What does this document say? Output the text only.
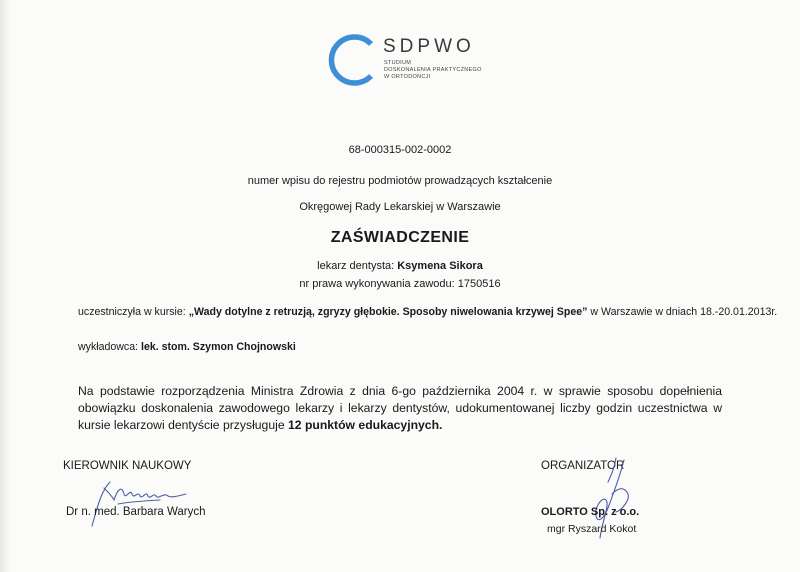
SDPWO
STUDIUM
DOSKONALENIA PRAKTYCZNEGO
W ORTODONCJI
68-000315-002-0002
numer wpisu do rejestru podmiotów prowadzących kształcenie
Okręgowej Rady Lekarskiej w Warszawie
ZAŚWIADCZENIE
lekarz dentysta: Ksymena Sikora
nr prawa wykonywania zawodu: 1750516
uczestniczyła w kursie: „Wady dotylne z retruzją, zgryzy głębokie. Sposoby niwelowania krzywej Spee” w Warszawie w dniach 18.-20.01.2013r.
wykładowca: lek. stom. Szymon Chojnowski
Na podstawie rozporządzenia Ministra Zdrowia z dnia 6-go października 2004 r. w sprawie sposobu dopełnienia obowiązku doskonalenia zawodowego lekarzy i lekarzy dentystów, udokumentowanej liczby godzin uczestnictwa w kursie lekarzowi dentyście przysługuje 12 punktów edukacyjnych.
KIEROWNIK NAUKOWY
Dr n. med. Barbara Warych
ORGANIZATOR
OLORTO Sp. z o.o.
mgr Ryszard Kokot
